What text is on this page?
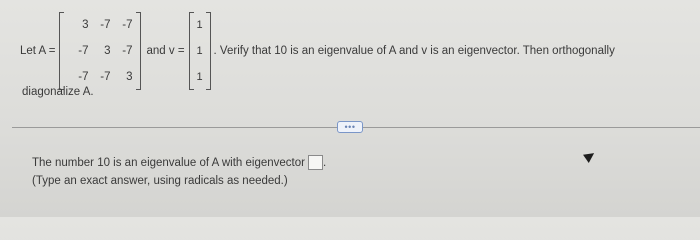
Let A =
3 -7 -7
-7 3 -7
-7 -7 3
and v =
1
1
1
. Verify that 10 is an eigenvalue of A and v is an eigenvector. Then orthogonally
diagonalize A.
•••
The number 10 is an eigenvalue of A with eigenvector .
(Type an exact answer, using radicals as needed.)
